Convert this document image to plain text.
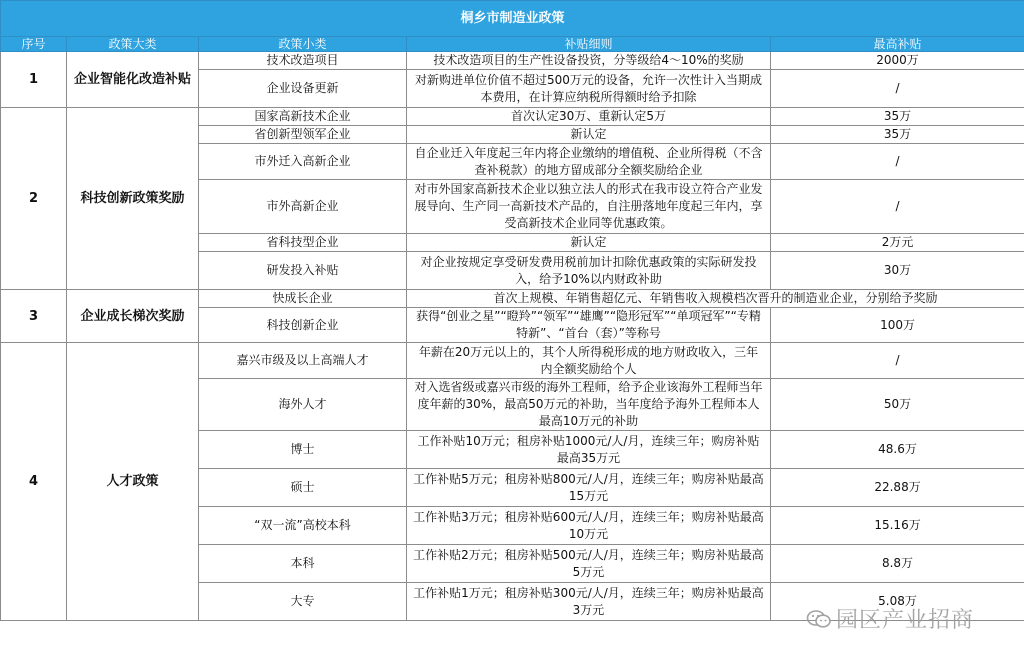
桐乡市制造业政策				
序号	政策大类	政策小类	补贴细则	最高补贴
1	企业智能化改造补贴	技术改造项目	技术改造项目的生产性设备投资，分等级给4～10%的奖励	2000万
		企业设备更新	对新购进单位价值不超过500万元的设备，允许一次性计入当期成本费用，在计算应纳税所得额时给予扣除	/
2	科技创新政策奖励	国家高新技术企业	首次认定30万、重新认定5万	35万
		省创新型领军企业	新认定	35万
		市外迁入高新企业	自企业迁入年度起三年内将企业缴纳的增值税、企业所得税（不含查补税款）的地方留成部分全额奖励给企业	/
		市外高新企业	对市外国家高新技术企业以独立法人的形式在我市设立符合产业发展导向、生产同一高新技术产品的，自注册落地年度起三年内，享受高新技术企业同等优惠政策。	/
		省科技型企业	新认定	2万元
		研发投入补贴	对企业按规定享受研发费用税前加计扣除优惠政策的实际研发投入，给予10%以内财政补助	30万
3	企业成长梯次奖励	快成长企业	首次上规模、年销售超亿元、年销售收入规模档次晋升的制造业企业，分别给予奖励	
		科技创新企业	获得“创业之星”“瞪羚”“领军”“雄鹰”“隐形冠军”“单项冠军”“专精特新”、“首台（套）”等称号	100万
4	人才政策	嘉兴市级及以上高端人才	年薪在20万元以上的，其个人所得税形成的地方财政收入，三年内全额奖励给个人	/
		海外人才	对入选省级或嘉兴市级的海外工程师，给予企业该海外工程师当年度年薪的30%，最高50万元的补助，当年度给予海外工程师本人最高10万元的补助	50万
		博士	工作补贴10万元；租房补贴1000元/人/月，连续三年；购房补贴最高35万元	48.6万
		硕士	工作补贴5万元；租房补贴800元/人/月，连续三年；购房补贴最高15万元	22.88万
		“双一流”高校本科	工作补贴3万元；租房补贴600元/人/月，连续三年；购房补贴最高10万元	15.16万
		本科	工作补贴2万元；租房补贴500元/人/月，连续三年；购房补贴最高5万元	8.8万
		大专	工作补贴1万元；租房补贴300元/人/月，连续三年；购房补贴最高3万元	5.08万
园区产业招商
